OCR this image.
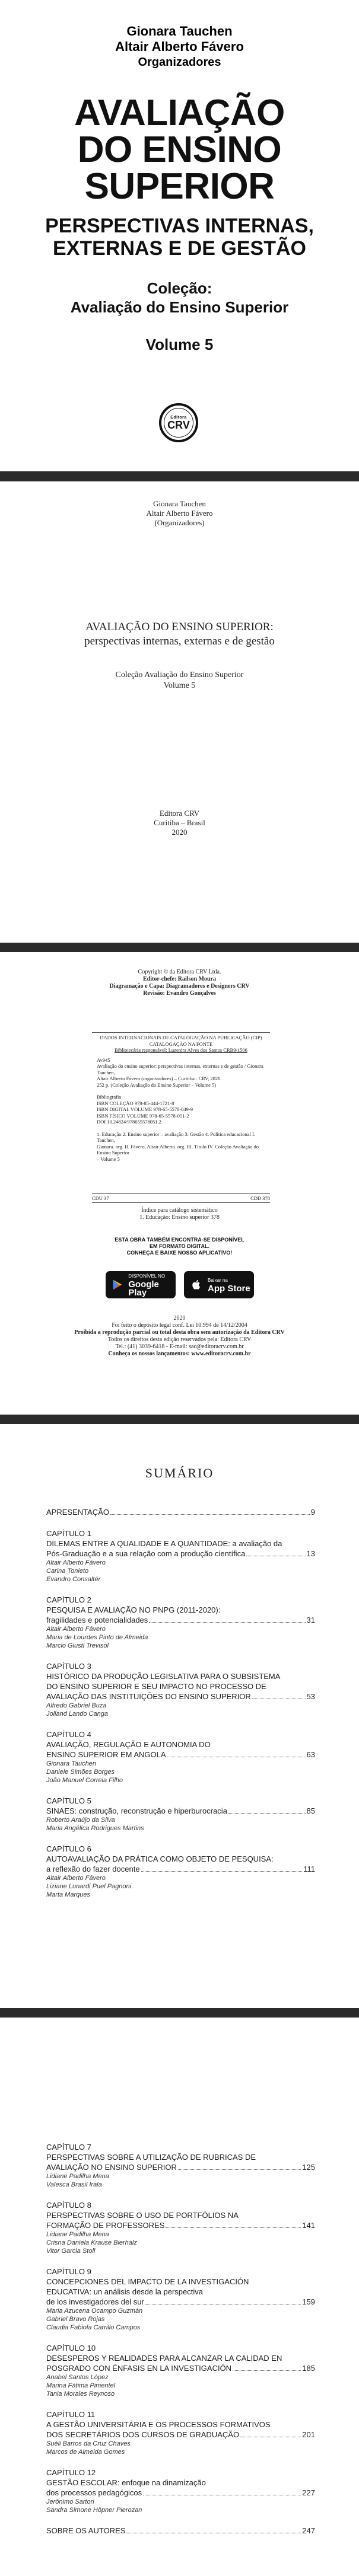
Gionara Tauchen
Altair Alberto Fávero
Organizadores
AVALIAÇÃO
DO ENSINO
SUPERIOR
PERSPECTIVAS INTERNAS,
EXTERNAS E DE GESTÃO
Coleção:
Avaliação do Ensino Superior
Volume 5
Editora
CRV
Gionara Tauchen
Altair Alberto Fávero
(Organizadores)
AVALIAÇÃO DO ENSINO SUPERIOR:
perspectivas internas, externas e de gestão
Coleção Avaliação do Ensino Superior
Volume 5
Editora CRV
Curitiba – Brasil
2020
Copyright © da Editora CRV Ltda.
Editor-chefe: Railson Moura
Diagramação e Capa: Diagramadores e Designers CRV
Revisão: Evandro Gonçalves
DADOS INTERNACIONAIS DE CATALOGAÇÃO NA PUBLICAÇÃO (CIP)
CATALOGAÇÃO NA FONTE
Bibliotecária responsável: Luzenira Alves dos Santos CRB9/1506
Av945
Avaliação do ensino superior: perspectivas internas, externas e de gestão / Gionara Tauchen,
Altair Alberto Fávero (organizadores) – Curitiba : CRV, 2020.
252 p. (Coleção Avaliação do Ensino Superior – Volume 5)
Bibliografia
ISBN COLEÇÃO 978-85-444-1721-8
ISBN DIGITAL VOLUME 978-65-5578-049-9
ISBN FÍSICO VOLUME 978-65-5578-051-2
DOI 10.24824/978655578051.2
1. Educação 2. Ensino superior – avaliação 3. Gestão 4. Política educacional I. Tauchen,
Gionara. org. II. Fávero, Altair Alberto. org. III. Título IV. Coleção Avaliação do Ensino Superior
– Volume 5
CDU 37	CDD 378
Índice para catálogo sistemático
1. Educação: Ensino superior 378
ESTA OBRA TAMBÉM ENCONTRA-SE DISPONÍVEL
EM FORMATO DIGITAL.
CONHEÇA E BAIXE NOSSO APLICATIVO!
DISPONÍVEL NO
Google Play
Baixar na
App Store
2020
Foi feito o depósito legal conf. Lei 10.994 de 14/12/2004
Proibida a reprodução parcial ou total desta obra sem autorização da Editora CRV
Todos os direitos desta edição reservados pela: Editora CRV
Tel.: (41) 3039-6418 - E-mail: sac@editoracrv.com.br
Conheça os nossos lançamentos: www.editoracrv.com.br
SUMÁRIO
APRESENTAÇÃO	9
CAPÍTULO 1
DILEMAS ENTRE A QUALIDADE E A QUANTIDADE: a avaliação da
Pós-Graduação e a sua relação com a produção científica	13
Altair Alberto Fávero
Carina Tonieto
Evandro Consaltér
CAPÍTULO 2
PESQUISA E AVALIAÇÃO NO PNPG (2011-2020):
fragilidades e potencialidades	31
Altair Alberto Fávero
Maria de Lourdes Pinto de Almeida
Marcio Giusti Trevisol
CAPÍTULO 3
HISTÓRICO DA PRODUÇÃO LEGISLATIVA PARA O SUBSISTEMA
DO ENSINO SUPERIOR E SEU IMPACTO NO PROCESSO DE
AVALIAÇÃO DAS INSTITUIÇÕES DO ENSINO SUPERIOR	53
Alfredo Gabriel Buza
Jolland Lando Canga
CAPÍTULO 4
AVALIAÇÃO, REGULAÇÃO E AUTONOMIA DO
ENSINO SUPERIOR EM ANGOLA	63
Gionara Tauchen
Daniele Simões Borges
João Manuel Correia Filho
CAPÍTULO 5
SINAES: construção, reconstrução e hiperburocracia	85
Roberto Araújo da Silva
Maria Angélica Rodrigues Martins
CAPÍTULO 6
AUTOAVALIAÇÃO DA PRÁTICA COMO OBJETO DE PESQUISA:
a reflexão do fazer docente	111
Altair Alberto Fávero
Liziane Lunardi Puel Pagnoni
Marta Marques
CAPÍTULO 7
PERSPECTIVAS SOBRE A UTILIZAÇÃO DE RUBRICAS DE
AVALIAÇÃO NO ENSINO SUPERIOR	125
Lidiane Padilha Mena
Valesca Brasil Irala
CAPÍTULO 8
PERSPECTIVAS SOBRE O USO DE PORTFÓLIOS NA
FORMAÇÃO DE PROFESSORES	141
Lidiane Padilha Mena
Crisna Daniela Krause Bierhalz
Vitor Garcia Stoll
CAPÍTULO 9
CONCEPCIONES DEL IMPACTO DE LA INVESTIGACIÓN
EDUCATIVA: un análisis desde la perspectiva
de los investigadores del sur	159
Maria Azucena Ocampo Guzmán
Gabriel Bravo Rojas
Claudia Fabiola Carrillo Campos
CAPÍTULO 10
DESESPEROS Y REALIDADES PARA ALCANZAR LA CALIDAD EN
POSGRADO CON ÉNFASIS EN LA INVESTIGACIÓN	185
Anabel Santos López
Marina Fátima Pimentel
Tania Morales Reynoso
CAPÍTULO 11
A GESTÃO UNIVERSITÁRIA E OS PROCESSOS FORMATIVOS
DOS SECRETÁRIOS DOS CURSOS DE GRADUAÇÃO	201
Suéli Barros da Cruz Chaves
Marcos de Almeida Gomes
CAPÍTULO 12
GESTÃO ESCOLAR: enfoque na dinamização
dos processos pedagógicos	227
Jerônimo Sartori
Sandra Simone Höpner Pierozan
SOBRE OS AUTORES	247
